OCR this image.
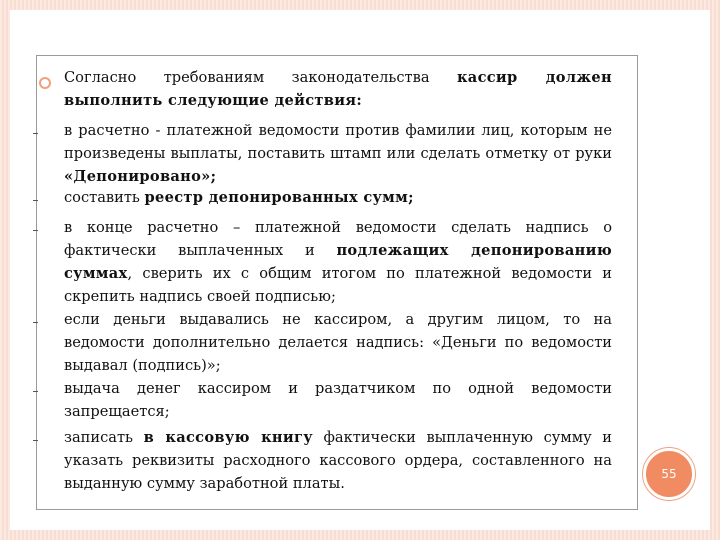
Согласно требованиям законодательства кассир должен выполнить следующие действия:
в расчетно - платежной ведомости против фамилии лиц, которым не произведены выплаты, поставить штамп или сделать отметку от руки «Депонировано»;
составить реестр депонированных сумм;
в конце расчетно – платежной ведомости сделать надпись о фактически выплаченных и подлежащих депонированию суммах, сверить их с общим итогом по платежной ведомости и скрепить надпись своей подписью;
если деньги выдавались не кассиром, а другим лицом, то на ведомости дополнительно делается надпись: «Деньги по ведомости выдавал (подпись)»;
выдача денег кассиром и раздатчиком по одной ведомости запрещается;
записать в кассовую книгу фактически выплаченную сумму и указать реквизиты расходного кассового ордера, составленного на выданную сумму заработной платы.
55
